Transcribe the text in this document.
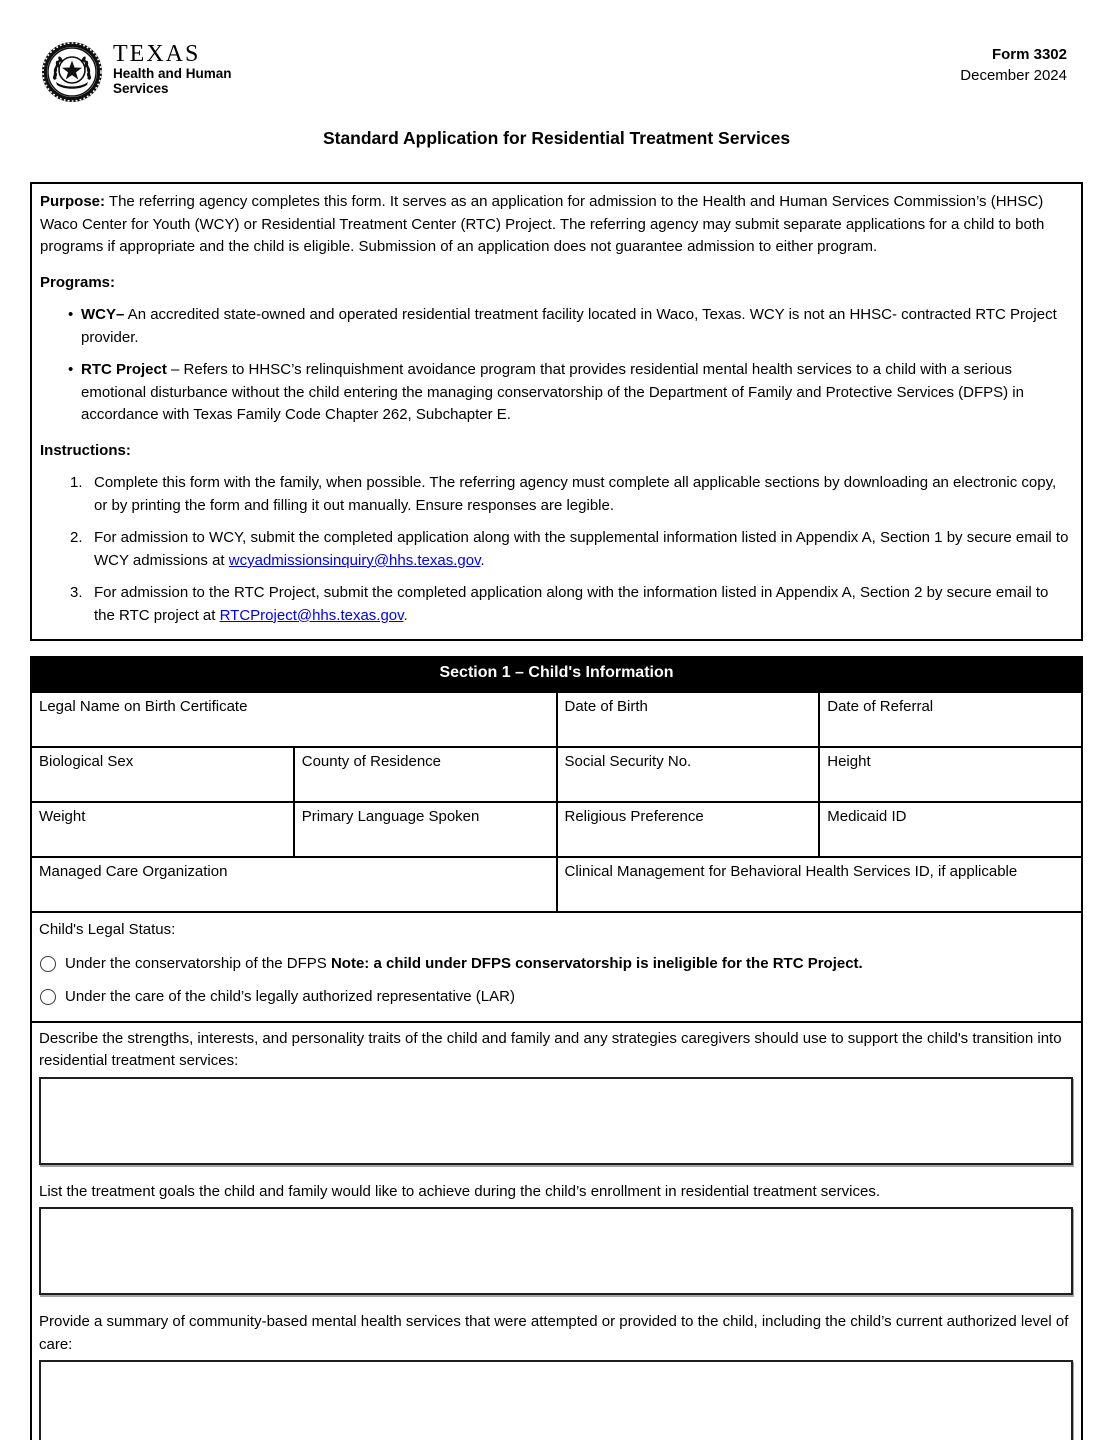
TEXAS
Health and Human
Services
Form 3302
December 2024
Standard Application for Residential Treatment Services

Purpose: The referring agency completes this form. It serves as an application for admission to the Health and Human Services Commission’s (HHSC) Waco Center for Youth (WCY) or Residential Treatment Center (RTC) Project. The referring agency may submit separate applications for a child to both programs if appropriate and the child is eligible. Submission of an application does not guarantee admission to either program.

Programs:
• WCY– An accredited state-owned and operated residential treatment facility located in Waco, Texas. WCY is not an HHSC- contracted RTC Project provider.
• RTC Project – Refers to HHSC’s relinquishment avoidance program that provides residential mental health services to a child with a serious emotional disturbance without the child entering the managing conservatorship of the Department of Family and Protective Services (DFPS) in accordance with Texas Family Code Chapter 262, Subchapter E.
Instructions:
1. Complete this form with the family, when possible. The referring agency must complete all applicable sections by downloading an electronic copy, or by printing the form and filling it out manually. Ensure responses are legible.
2. For admission to WCY, submit the completed application along with the supplemental information listed in Appendix A, Section 1 by secure email to WCY admissions at wcyadmissionsinquiry@hhs.texas.gov.
3. For admission to the RTC Project, submit the completed application along with the information listed in Appendix A, Section 2 by secure email to the RTC project at RTCProject@hhs.texas.gov.
Section 1 – Child's Information
Legal Name on Birth Certificate		Date of Birth	Date of Referral
Biological Sex	County of Residence	Social Security No.	Height
Weight	Primary Language Spoken	Religious Preference	Medicaid ID
Managed Care Organization		Clinical Management for Behavioral Health Services ID, if applicable	
Child's Legal Status:
Under the conservatorship of the DFPS Note: a child under DFPS conservatorship is ineligible for the RTC Project.
Under the care of the child’s legally authorized representative (LAR)
Describe the strengths, interests, and personality traits of the child and family and any strategies caregivers should use to support the child's transition into residential treatment services:
List the treatment goals the child and family would like to achieve during the child’s enrollment in residential treatment services.
Provide a summary of community-based mental health services that were attempted or provided to the child, including the child’s current authorized level of care:
